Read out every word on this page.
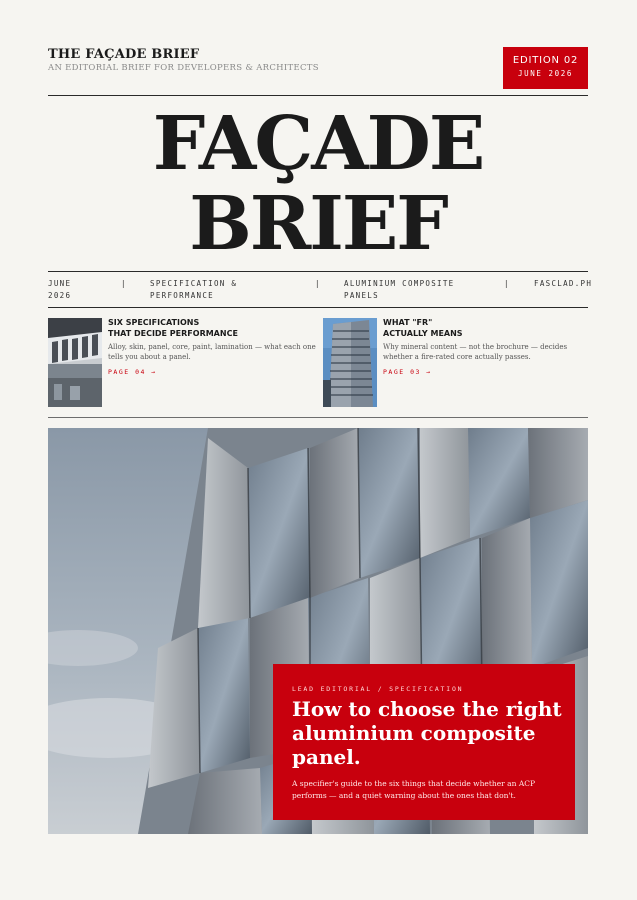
THE FAÇADE BRIEF
AN EDITORIAL BRIEF FOR DEVELOPERS & ARCHITECTS
EDITION 02
JUNE 2026
FAÇADE
BRIEF
JUNE
2026
|	SPECIFICATION &
PERFORMANCE
|	ALUMINIUM COMPOSITE
PANELS
|	FASCLAD.PH
SIX SPECIFICATIONS
THAT DECIDE PERFORMANCE
Alloy, skin, panel, core, paint, lamination — what each one tells you about a panel.
PAGE 04 →
WHAT "FR"
ACTUALLY MEANS
Why mineral content — not the brochure — decides whether a fire-rated core actually passes.
PAGE 03 →
LEAD EDITORIAL / SPECIFICATION
How to choose the right aluminium composite panel.

A specifier's guide to the six things that decide whether an ACP performs — and a quiet warning about the ones that don't.
